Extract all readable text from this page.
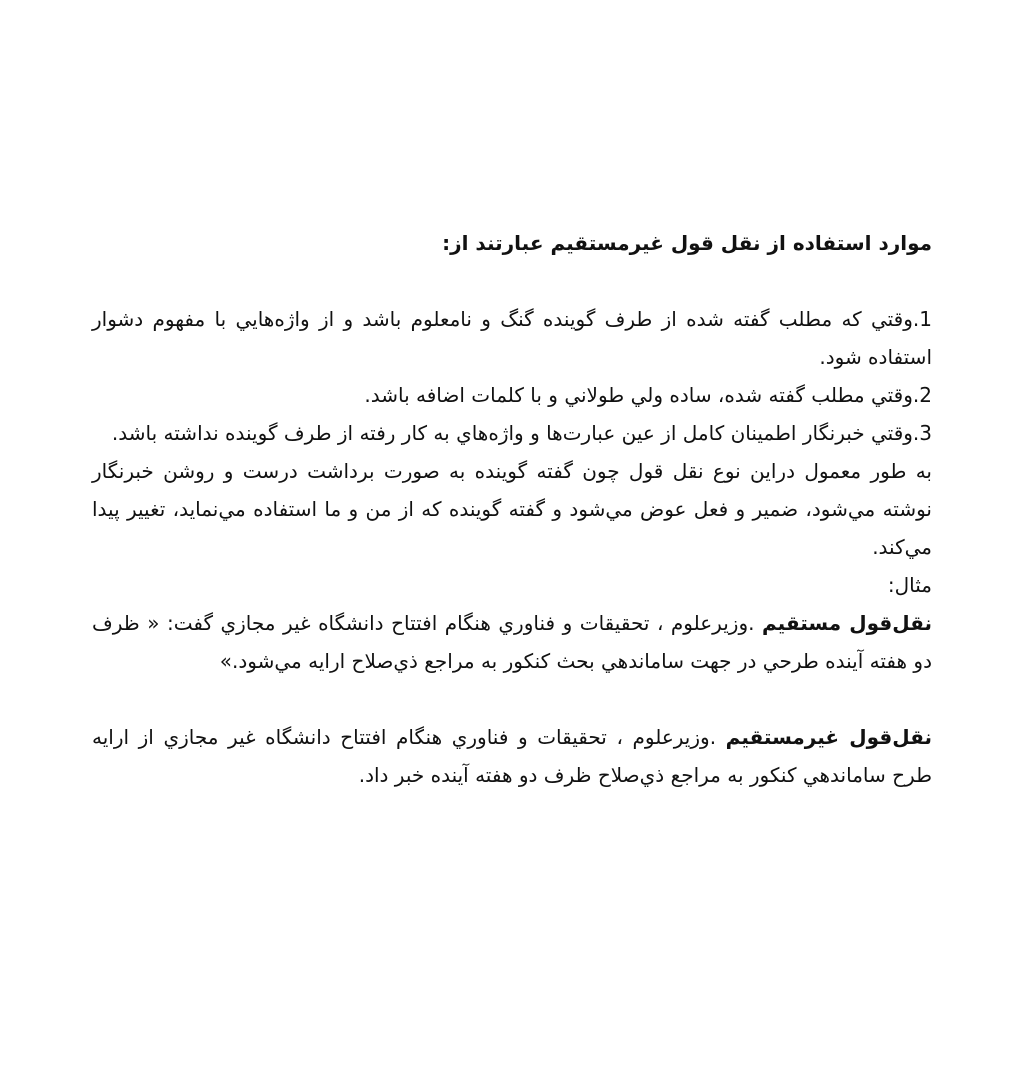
موارد استفاده از نقل قول غیرمستقیم عبارتند از:

1.وقتي كه مطلب گفته شده از طرف گوينده گنگ و نامعلوم باشد و از واژه‌هايي با مفهوم دشوار استفاده شود.

2.وقتي مطلب گفته شده، ساده ولي طولاني و با كلمات اضافه باشد.

3.وقتي خبرنگار اطمينان كامل از عين عبارت‌ها و واژه‌هاي به كار رفته از طرف گوينده نداشته باشد.

به طور معمول دراين نوع نقل قول چون گفته گوينده به صورت برداشت درست و روشن خبرنگار نوشته مي‌شود، ضمير و فعل عوض مي‌شود و گفته گوينده كه از من و ما استفاده مي‌نمايد، تغيير پيدا مي‌كند.

مثال:

نقل‌قول مستقيم .وزيرعلوم ، تحقيقات و فناوري هنگام افتتاح دانشگاه غير مجازي گفت: « ظرف دو هفته آينده طرحي در جهت ساماندهي بحث كنكور به مراجع ذي‌صلاح ارايه مي‌شود.»

نقل‌قول غيرمستقيم .وزيرعلوم ، تحقيقات و فناوري هنگام افتتاح دانشگاه غير مجازي از ارايه طرح ساماندهي كنكور به مراجع ذي‌صلاح ظرف دو هفته آينده خبر داد.
